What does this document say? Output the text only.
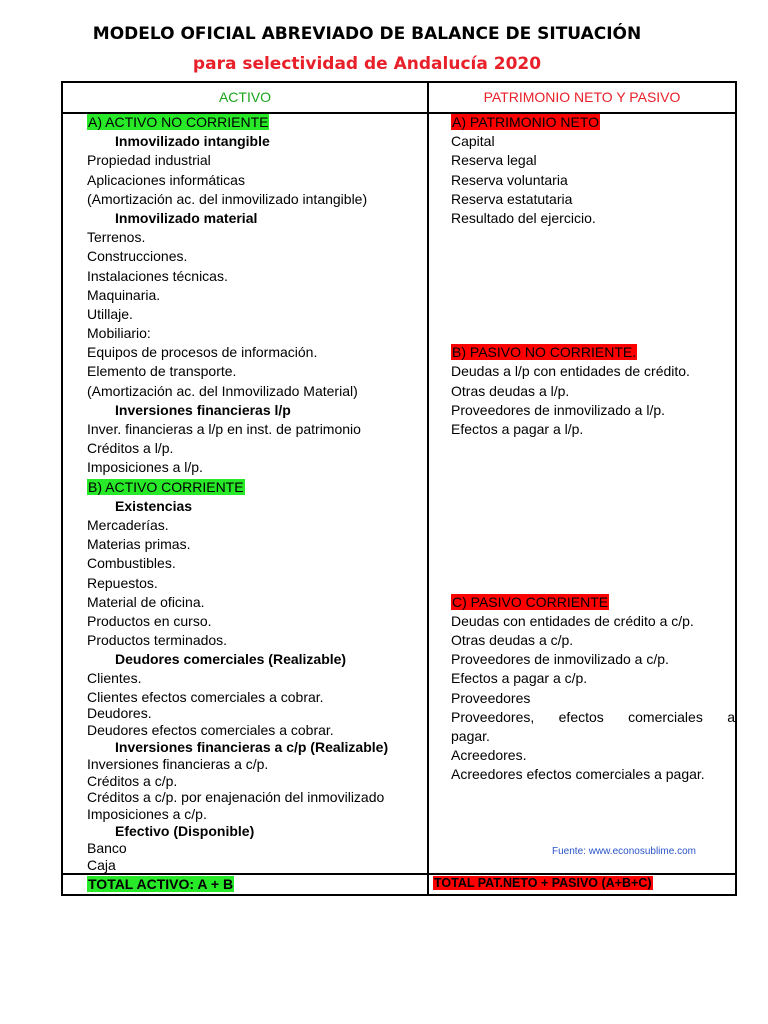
MODELO OFICIAL ABREVIADO DE BALANCE DE SITUACIÓN
para selectividad de Andalucía 2020
ACTIVO	PATRIMONIO NETO Y PASIVO
A) ACTIVO NO CORRIENTE
Inmovilizado intangible
Propiedad industrial
Aplicaciones informáticas
(Amortización ac. del inmovilizado intangible)
Inmovilizado material
Terrenos.
Construcciones.
Instalaciones técnicas.
Maquinaria.
Utillaje.
Mobiliario:
Equipos de procesos de información.
Elemento de transporte.
(Amortización ac. del Inmovilizado Material)
Inversiones financieras l/p
Inver. financieras a l/p en inst. de patrimonio
Créditos a l/p.
Imposiciones a l/p.
B) ACTIVO CORRIENTE
Existencias
Mercaderías.
Materias primas.
Combustibles.
Repuestos.
Material de oficina.
Productos en curso.
Productos terminados.
Deudores comerciales (Realizable)
Clientes.
Clientes efectos comerciales a cobrar.
Deudores.
Deudores efectos comerciales a cobrar.
Inversiones financieras a c/p (Realizable)
Inversiones financieras a c/p.
Créditos a c/p.
Créditos a c/p. por enajenación del inmovilizado
Imposiciones a c/p.
Efectivo (Disponible)
Banco
Caja
A) PATRIMONIO NETO
Capital
Reserva legal
Reserva voluntaria
Reserva estatutaria
Resultado del ejercicio.
B) PASIVO NO CORRIENTE.
Deudas a l/p con entidades de crédito.
Otras deudas a l/p.
Proveedores de inmovilizado a l/p.
Efectos a pagar a l/p.
C) PASIVO CORRIENTE
Deudas con entidades de crédito a c/p.
Otras deudas a c/p.
Proveedores de inmovilizado a c/p.
Efectos a pagar a c/p.
Proveedores
Proveedores, efectos comerciales a
pagar.
Acreedores.
Acreedores efectos comerciales a pagar.
TOTAL ACTIVO: A + B	TOTAL PAT.NETO + PASIVO (A+B+C)
Fuente: www.econosublime.com
